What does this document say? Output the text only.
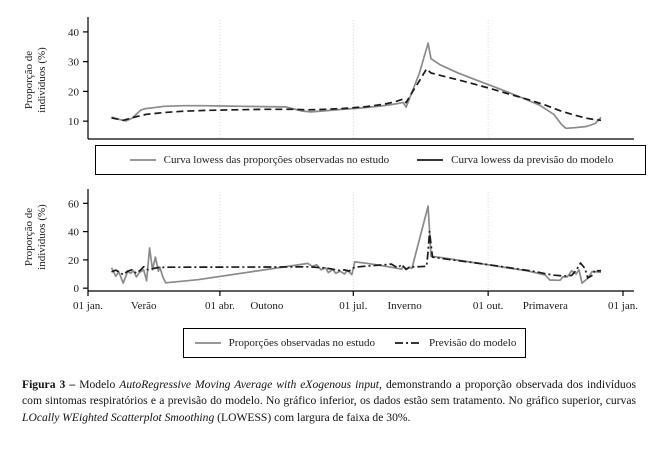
Proporção de indivíduos (%)
10
20
30
40
Curva lowess das proporções observadas no estudo	Curva lowess da previsão do modelo
Proporção de indivíduos (%)
0
20
40
60
01 jan.	01 abr.	01 jul.	01 out.	01 jan.
Verão	Outono	Inverno	Primavera
Proporções observadas no estudo	Previsão do modelo

Figura 3 – Modelo AutoRegressive Moving Average with eXogenous input, demonstrando a proporção observada dos indivíduos com sintomas respiratórios e a previsão do modelo. No gráfico inferior, os dados estão sem tratamento. No gráfico superior, curvas LOcally WEighted Scatterplot Smoothing (LOWESS) com largura de faixa de 30%.
